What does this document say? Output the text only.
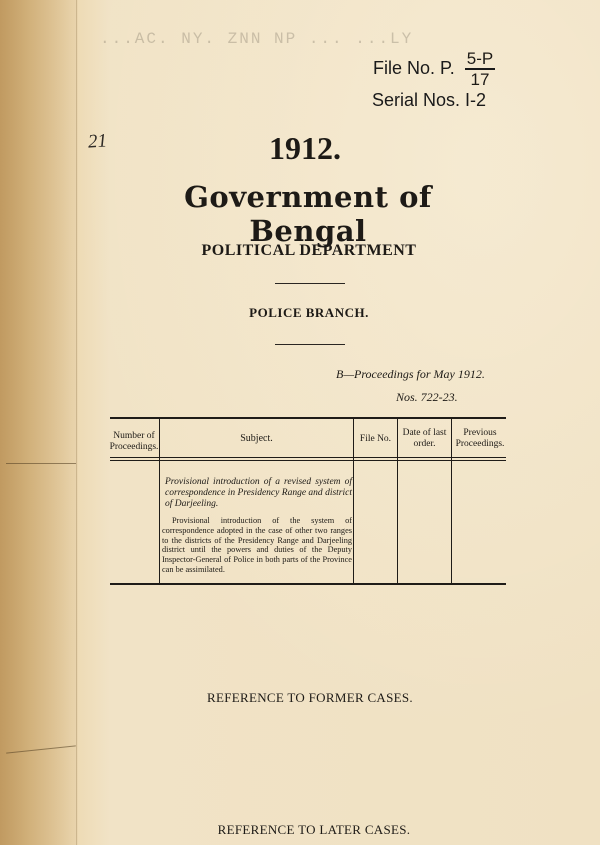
...AC. NY. ZNN NP ... ...LY
File No. P. 5-P
17
Serial Nos. I-2
21	1912.
Government of Bengal
POLITICAL DEPARTMENT
POLICE BRANCH.
B—Proceedings for May 1912.
Nos. 722-23.
Number of Proceedings.
Subject.	File No.
Date of last order.
Previous Proceedings.
Provisional introduction of a revised system of correspondence in Presidency Range and district of Darjeeling.
Provisional introduction of the system of correspondence adopted in the case of other two ranges to the districts of the Presidency Range and Darjeeling district until the powers and duties of the Deputy Inspector-General of Police in both parts of the Province can be assimilated.
REFERENCE TO FORMER CASES.
REFERENCE TO LATER CASES.
